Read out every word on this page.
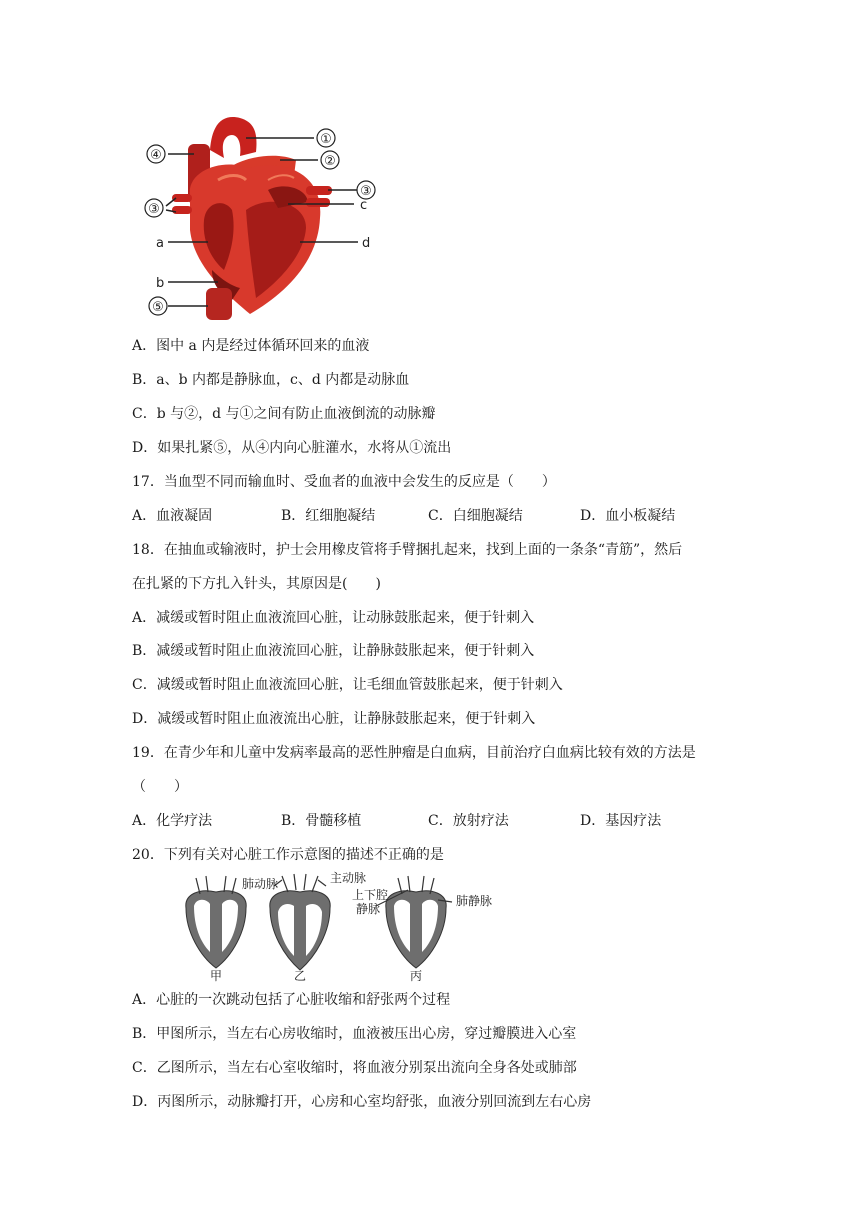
①
②
④
③
③
⑤
c
a	d
b
A．图中 a 内是经过体循环回来的血液
B．a、b 内都是静脉血，c、d 内都是动脉血
C．b 与②，d 与①之间有防止血液倒流的动脉瓣
D．如果扎紧⑤，从④内向心脏灌水，水将从①流出
17．当血型不同而输血时、受血者的血液中会发生的反应是（　　）
A．血液凝固	B．红细胞凝结	C．白细胞凝结	D．血小板凝结
18．在抽血或输液时，护士会用橡皮管将手臂捆扎起来，找到上面的一条条“青筋”，然后
在扎紧的下方扎入针头，其原因是(　　)
A．减缓或暂时阻止血液流回心脏，让动脉鼓胀起来，便于针刺入
B．减缓或暂时阻止血液流回心脏，让静脉鼓胀起来，便于针刺入
C．减缓或暂时阻止血液流回心脏，让毛细血管鼓胀起来，便于针刺入
D．减缓或暂时阻止血液流出心脏，让静脉鼓胀起来，便于针刺入
19．在青少年和儿童中发病率最高的恶性肿瘤是白血病，目前治疗白血病比较有效的方法是
（　　）
A．化学疗法	B．骨髓移植	C．放射疗法	D．基因疗法
20．下列有关对心脏工作示意图的描述不正确的是
肺动脉	主动脉
上下腔
静脉
肺静脉
甲	乙	丙
A．心脏的一次跳动包括了心脏收缩和舒张两个过程
B．甲图所示，当左右心房收缩时，血液被压出心房，穿过瓣膜进入心室
C．乙图所示，当左右心室收缩时，将血液分别泵出流向全身各处或肺部
D．丙图所示，动脉瓣打开，心房和心室均舒张，血液分别回流到左右心房
